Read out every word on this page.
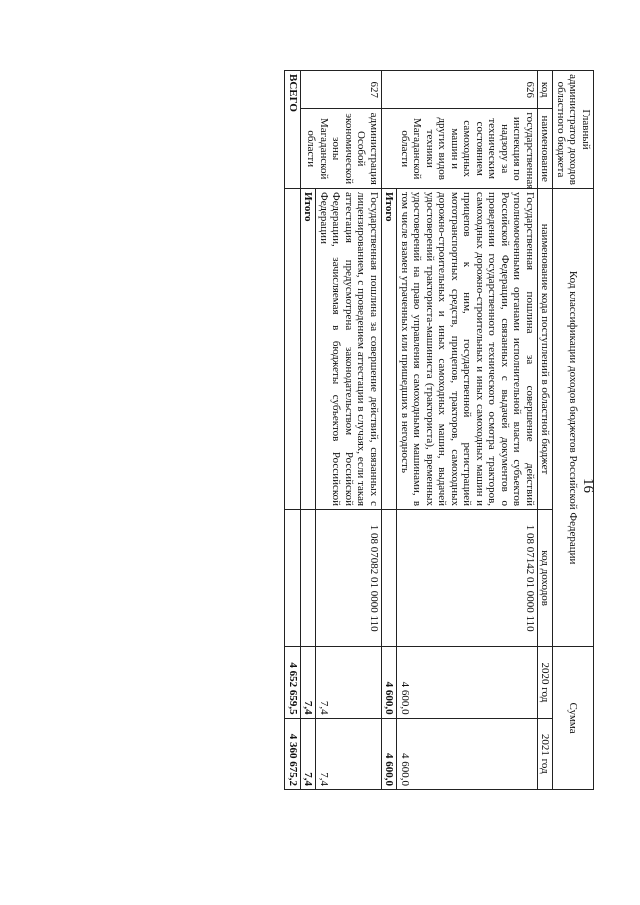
16
Главный администратор доходов областного бюджета		Код классификации доходов бюджетов Российской Федерации		Сумма	
код	наименование	наименование кода поступлений в областной бюджет	код доходов	2020 год	2021 год
626	государственная инспекция по надзору за техническим состоянием самоходных машин и других видов техники Магаданской области	Государственная пошлина за совершение действий уполномоченными органами исполнительной власти субъектов Российской Федерации, связанных с выдачей документов о проведении государственного технического осмотра тракторов, самоходных дорожно-строительных и иных самоходных машин и прицепов к ним, государственной регистрацией мототранспортных средств, прицепов, тракторов, самоходных дорожно-строительных и иных самоходных машин, выдачей удостоверений тракториста-машиниста (тракториста), временных удостоверений на право управления самоходными машинами, в том числе взамен утраченных или пришедших в негодность	1 08 07142 01 0000 110	4 600,0	4 600,0
		Итого		4 600,0	4 600,0
627	администрация Особой экономической зоны Магаданской области	Государственная пошлина за совершение действий, связанных с лицензированием, с проведением аттестации в случаях, если такая аттестация предусмотрена законодательством Российской Федерации, зачисляемая в бюджеты субъектов Российской Федерации	1 08 07082 01 0000 110	7,4	7,4
		Итого		7,4	7,4
ВСЕГО				4 652 659,5	4 360 675,2
